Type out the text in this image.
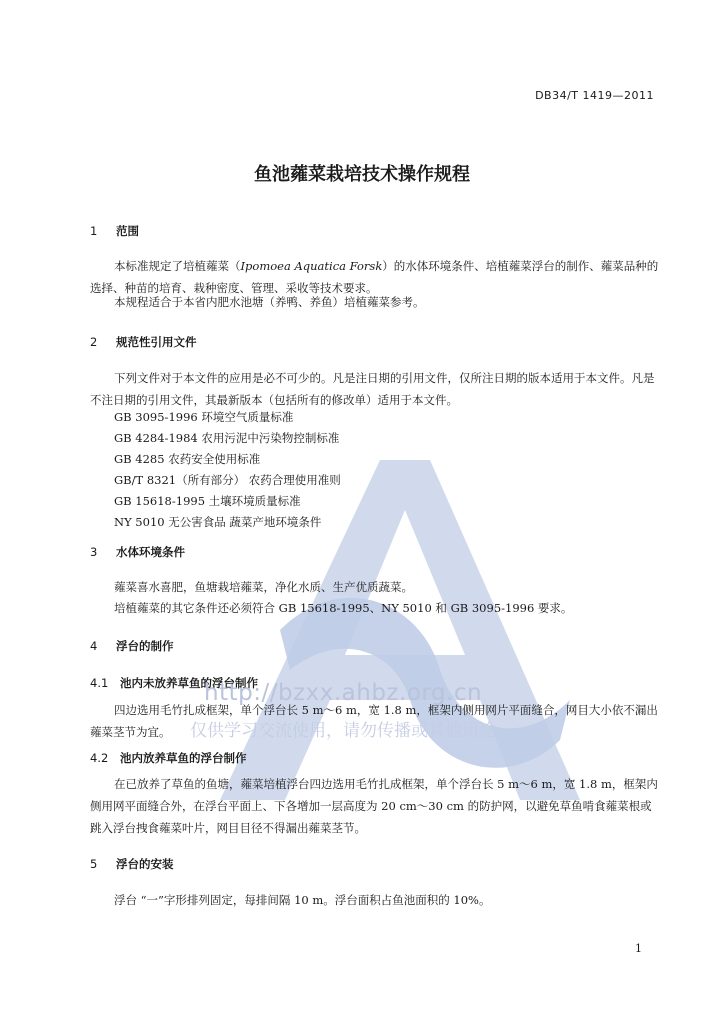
DB34/T 1419—2011
鱼池蕹菜栽培技术操作规程
1 范围

本标准规定了培植蕹菜（Ipomoea Aquatica Forsk）的水体环境条件、培植蕹菜浮台的制作、蕹菜品种的选择、种苗的培育、栽种密度、管理、采收等技术要求。

本规程适合于本省内肥水池塘（养鸭、养鱼）培植蕹菜参考。

2 规范性引用文件

下列文件对于本文件的应用是必不可少的。凡是注日期的引用文件，仅所注日期的版本适用于本文件。凡是不注日期的引用文件，其最新版本（包括所有的修改单）适用于本文件。

GB 3095-1996 环境空气质量标准
GB 4284-1984 农用污泥中污染物控制标准
GB 4285 农药安全使用标准
GB/T 8321（所有部分） 农药合理使用准则
GB 15618-1995 土壤环境质量标准
NY 5010 无公害食品 蔬菜产地环境条件
3 水体环境条件

蕹菜喜水喜肥，鱼塘栽培蕹菜，净化水质、生产优质蔬菜。

培植蕹菜的其它条件还必须符合 GB 15618-1995、NY 5010 和 GB 3095-1996 要求。

4 浮台的制作
4.1 池内未放养草鱼的浮台制作

四边选用毛竹扎成框架，单个浮台长 5 m～6 m，宽 1.8 m，框架内侧用网片平面缝合，网目大小依不漏出蕹菜茎节为宜。

4.2 池内放养草鱼的浮台制作

在已放养了草鱼的鱼塘，蕹菜培植浮台四边选用毛竹扎成框架，单个浮台长 5 m～6 m，宽 1.8 m，框架内侧用网平面缝合外，在浮台平面上、下各增加一层高度为 20 cm～30 cm 的防护网，以避免草鱼啃食蕹菜根或跳入浮台拽食蕹菜叶片，网目目径不得漏出蕹菜茎节。

5 浮台的安装

浮台 “一”字形排列固定，每排间隔 10 m。浮台面积占鱼池面积的 10%。

http://bzxx.ahbz.org.cn
仅供学习交流使用，请勿传播或其他用途
1
